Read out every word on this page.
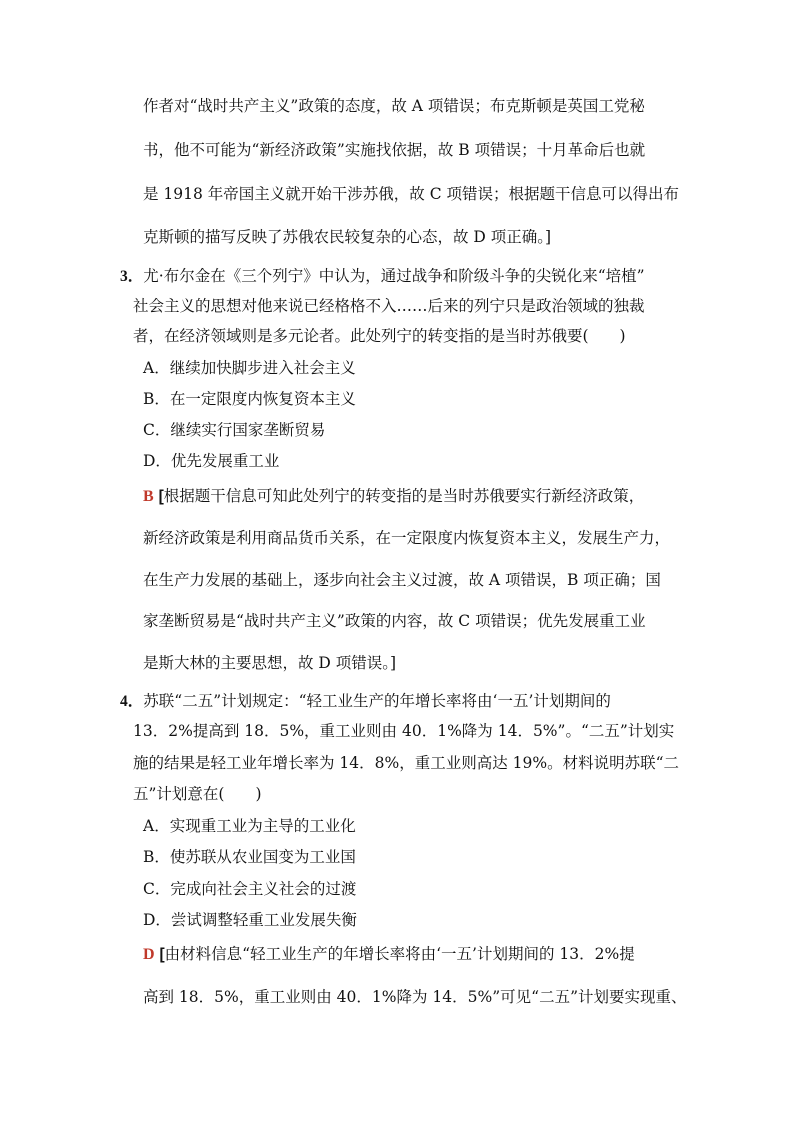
作者对“战时共产主义”政策的态度，故 A 项错误；布克斯顿是英国工党秘
书，他不可能为“新经济政策”实施找依据，故 B 项错误；十月革命后也就
是 1918 年帝国主义就开始干涉苏俄，故 C 项错误；根据题干信息可以得出布
克斯顿的描写反映了苏俄农民较复杂的心态，故 D 项正确。]
3．尤·布尔金在《三个列宁》中认为，通过战争和阶级斗争的尖锐化来“培植”
社会主义的思想对他来说已经格格不入……后来的列宁只是政治领域的独裁
者，在经济领域则是多元论者。此处列宁的转变指的是当时苏俄要(　　)
A．继续加快脚步进入社会主义
B．在一定限度内恢复资本主义
C．继续实行国家垄断贸易
D．优先发展重工业
B [根据题干信息可知此处列宁的转变指的是当时苏俄要实行新经济政策，
新经济政策是利用商品货币关系，在一定限度内恢复资本主义，发展生产力，
在生产力发展的基础上，逐步向社会主义过渡，故 A 项错误，B 项正确；国
家垄断贸易是“战时共产主义”政策的内容，故 C 项错误；优先发展重工业
是斯大林的主要思想，故 D 项错误。]
4．苏联“二五”计划规定：“轻工业生产的年增长率将由‘一五’计划期间的
13．2%提高到 18．5%，重工业则由 40．1%降为 14．5%”。“二五”计划实
施的结果是轻工业年增长率为 14．8%，重工业则高达 19%。材料说明苏联“二
五”计划意在(　　)
A．实现重工业为主导的工业化
B．使苏联从农业国变为工业国
C．完成向社会主义社会的过渡
D．尝试调整轻重工业发展失衡
D [由材料信息“轻工业生产的年增长率将由‘一五’计划期间的 13．2%提
高到 18．5%，重工业则由 40．1%降为 14．5%”可见“二五”计划要实现重、
